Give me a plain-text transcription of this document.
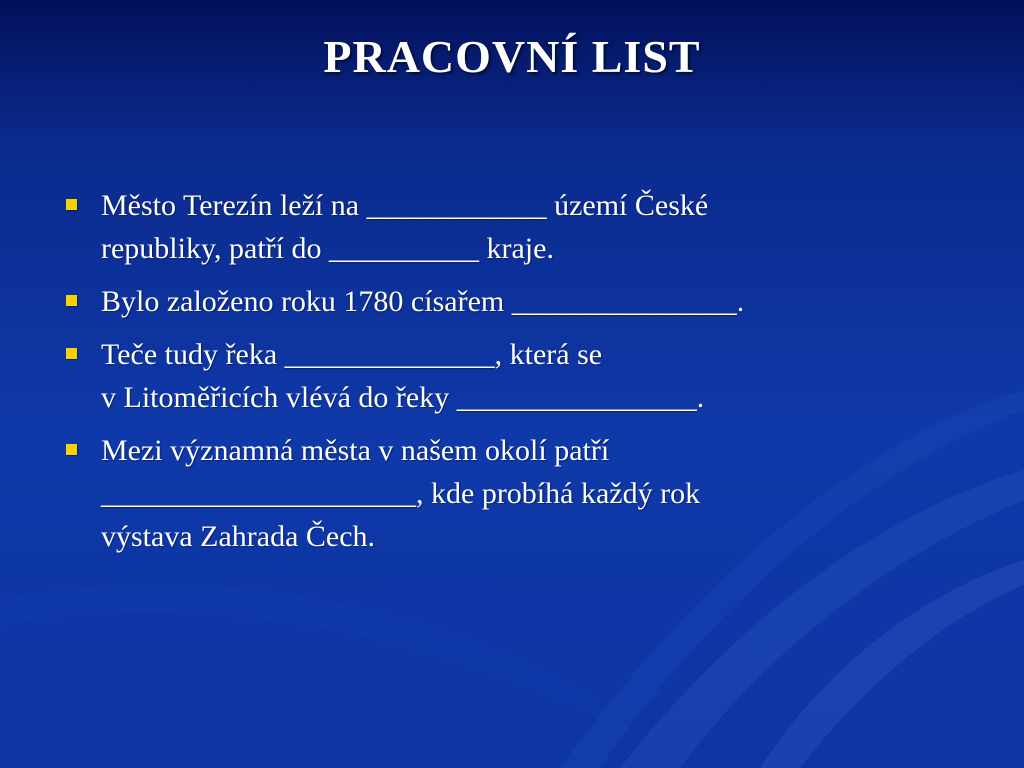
PRACOVNÍ LIST
Město Terezín leží na ____________ území České
republiky, patří do __________ kraje.
Bylo založeno roku 1780 císařem _______________.
Teče tudy řeka ______________, která se
v Litoměřicích vlévá do řeky ________________.
Mezi významná města v našem okolí patří
_____________________, kde probíhá každý rok
výstava Zahrada Čech.
